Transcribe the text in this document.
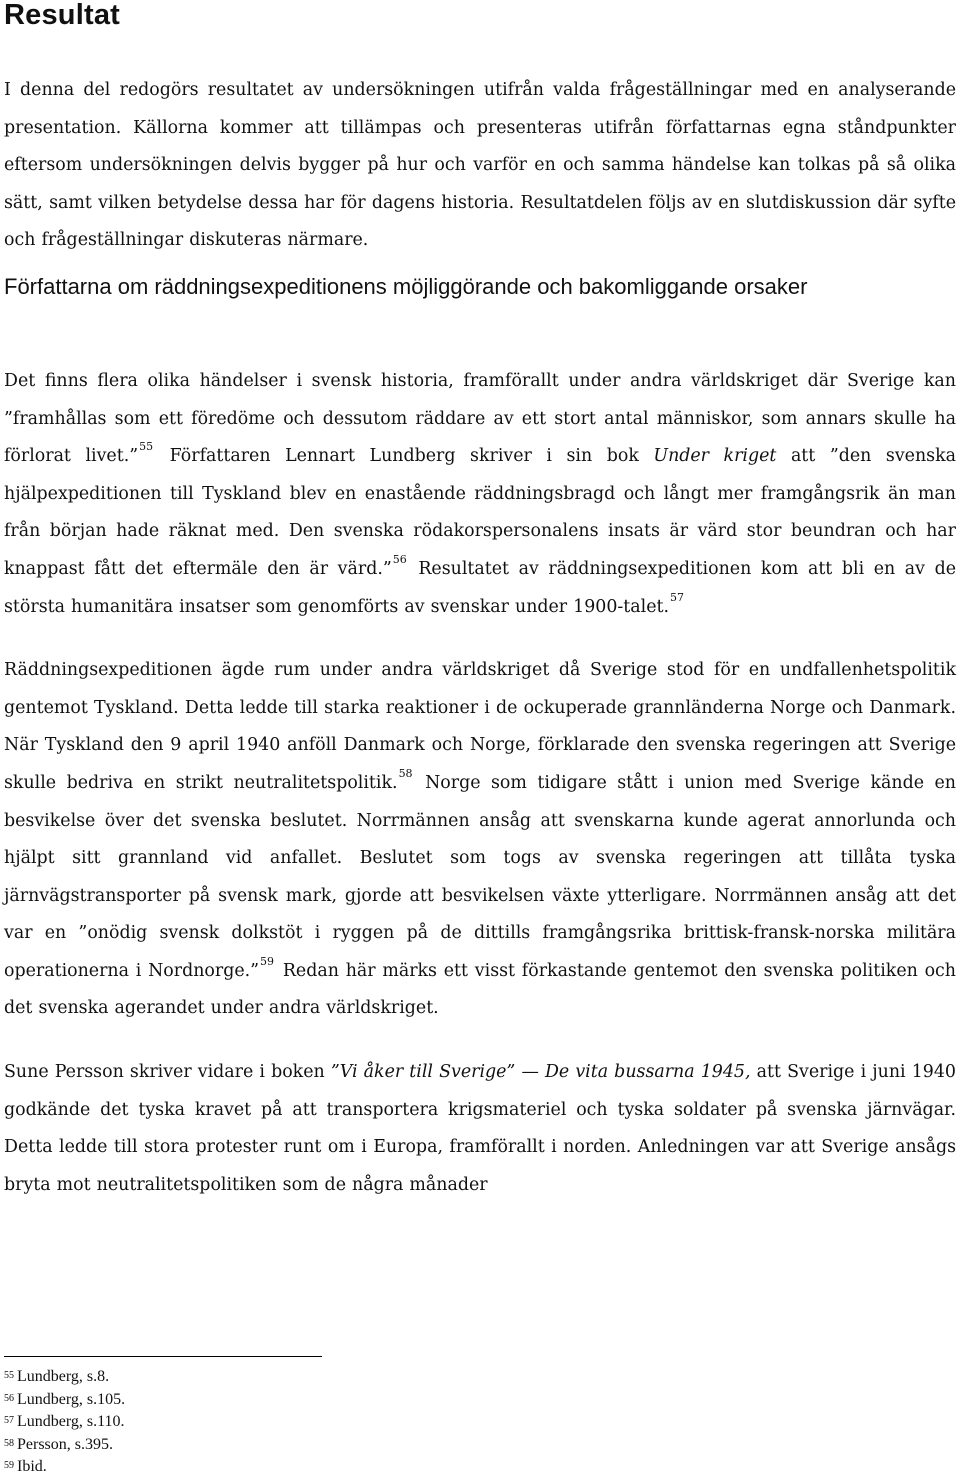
Resultat

I denna del redogörs resultatet av undersökningen utifrån valda frågeställningar med en analyserande presentation. Källorna kommer att tillämpas och presenteras utifrån författarnas egna ståndpunkter eftersom undersökningen delvis bygger på hur och varför en och samma händelse kan tolkas på så olika sätt, samt vilken betydelse dessa har för dagens historia. Resultatdelen följs av en slutdiskussion där syfte och frågeställningar diskuteras närmare.

Författarna om räddningsexpeditionens möjliggörande och bakomliggande orsaker

Det finns flera olika händelser i svensk historia, framförallt under andra världskriget där Sverige kan ”framhållas som ett föredöme och dessutom räddare av ett stort antal människor, som annars skulle ha förlorat livet.”$^{55}$ Författaren Lennart Lundberg skriver i sin bok Under kriget att ”den svenska hjälpexpeditionen till Tyskland blev en enastående räddningsbragd och långt mer framgångsrik än man från början hade räknat med. Den svenska rödakorspersonalens insats är värd stor beundran och har knappast fått det eftermäle den är värd.”$^{56}$ Resultatet av räddningsexpeditionen kom att bli en av de största humanitära insatser som genomförts av svenskar under 1900-talet.$^{57}$

Räddningsexpeditionen ägde rum under andra världskriget då Sverige stod för en undfallenhetspolitik gentemot Tyskland. Detta ledde till starka reaktioner i de ockuperade grannländerna Norge och Danmark. När Tyskland den 9 april 1940 anföll Danmark och Norge, förklarade den svenska regeringen att Sverige skulle bedriva en strikt neutralitetspolitik.$^{58}$ Norge som tidigare stått i union med Sverige kände en besvikelse över det svenska beslutet. Norrmännen ansåg att svenskarna kunde agerat annorlunda och hjälpt sitt grannland vid anfallet. Beslutet som togs av svenska regeringen att tillåta tyska järnvägstransporter på svensk mark, gjorde att besvikelsen växte ytterligare. Norrmännen ansåg att det var en ”onödig svensk dolkstöt i ryggen på de dittills framgångsrika brittisk-fransk-norska militära operationerna i Nordnorge.”$^{59}$ Redan här märks ett visst förkastande gentemot den svenska politiken och det svenska agerandet under andra världskriget.

Sune Persson skriver vidare i boken ”Vi åker till Sverige” — De vita bussarna 1945, att Sverige i juni 1940 godkände det tyska kravet på att transportera krigsmateriel och tyska soldater på svenska järnvägar. Detta ledde till stora protester runt om i Europa, framförallt i norden. Anledningen var att Sverige ansågs bryta mot neutralitetspolitiken som de några månader

$^{55}$ Lundberg, s.8.
$^{56}$ Lundberg, s.105.
$^{57}$ Lundberg, s.110.
$^{58}$ Persson, s.395.
$^{59}$ Ibid.
